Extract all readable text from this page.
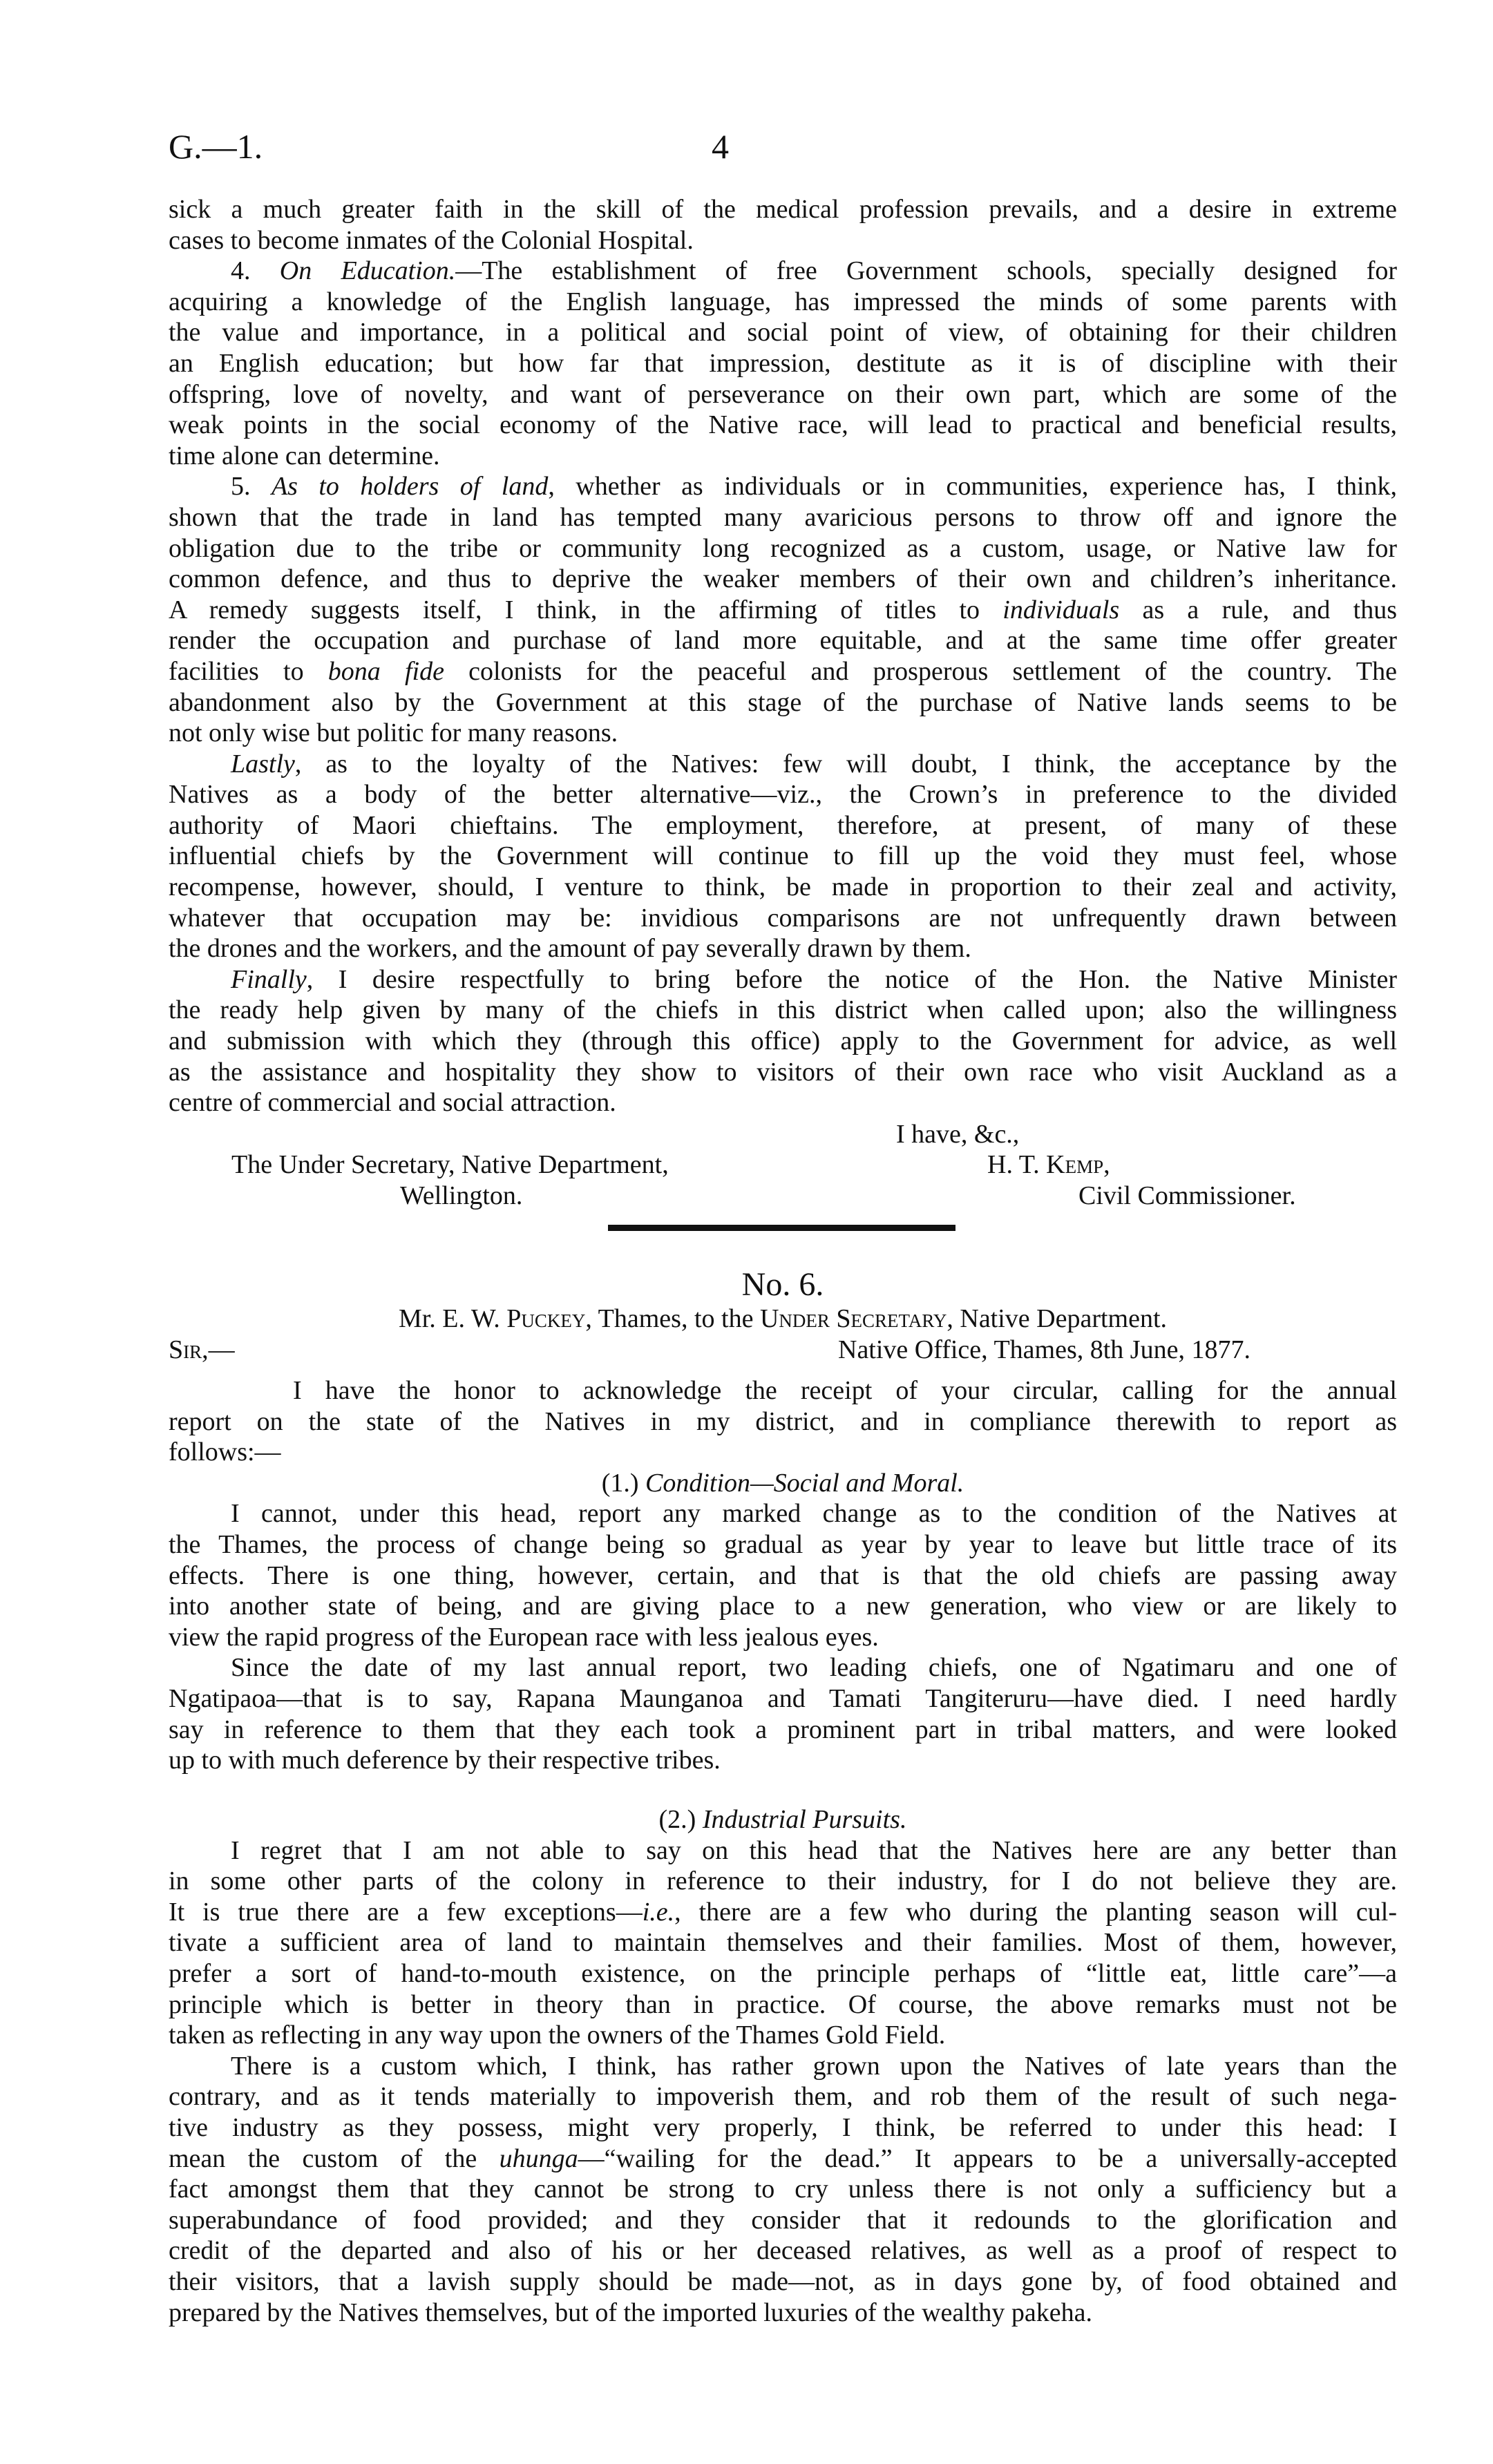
G.—1.	4
sick a much greater faith in the skill of the medical profession prevails, and a desire in extreme
cases to become inmates of the Colonial Hospital.
4. On Education.—The establishment of free Government schools, specially designed for
acquiring a knowledge of the English language, has impressed the minds of some parents with
the value and importance, in a political and social point of view, of obtaining for their children
an English education; but how far that impression, destitute as it is of discipline with their
offspring, love of novelty, and want of perseverance on their own part, which are some of the
weak points in the social economy of the Native race, will lead to practical and beneficial results,
time alone can determine.
5. As to holders of land, whether as individuals or in communities, experience has, I think,
shown that the trade in land has tempted many avaricious persons to throw off and ignore the
obligation due to the tribe or community long recognized as a custom, usage, or Native law for
common defence, and thus to deprive the weaker members of their own and children’s inheritance.
A remedy suggests itself, I think, in the affirming of titles to individuals as a rule, and thus
render the occupation and purchase of land more equitable, and at the same time offer greater
facilities to bona fide colonists for the peaceful and prosperous settlement of the country. The
abandonment also by the Government at this stage of the purchase of Native lands seems to be
not only wise but politic for many reasons.
Lastly, as to the loyalty of the Natives: few will doubt, I think, the acceptance by the
Natives as a body of the better alternative—viz., the Crown’s in preference to the divided
authority of Maori chieftains. The employment, therefore, at present, of many of these
influential chiefs by the Government will continue to fill up the void they must feel, whose
recompense, however, should, I venture to think, be made in proportion to their zeal and activity,
whatever that occupation may be: invidious comparisons are not unfrequently drawn between
the drones and the workers, and the amount of pay severally drawn by them.
Finally, I desire respectfully to bring before the notice of the Hon. the Native Minister
the ready help given by many of the chiefs in this district when called upon; also the willingness
and submission with which they (through this office) apply to the Government for advice, as well
as the assistance and hospitality they show to visitors of their own race who visit Auckland as a
centre of commercial and social attraction.
I have, &c.,
The Under Secretary, Native Department,	H. T. Kemp,
Wellington.	Civil Commissioner.
No. 6.
Mr. E. W. Puckey, Thames, to the Under Secretary, Native Department.
Sir,—	Native Office, Thames, 8th June, 1877.
I have the honor to acknowledge the receipt of your circular, calling for the annual
report on the state of the Natives in my district, and in compliance therewith to report as
follows:—
(1.) Condition—Social and Moral.
I cannot, under this head, report any marked change as to the condition of the Natives at
the Thames, the process of change being so gradual as year by year to leave but little trace of its
effects. There is one thing, however, certain, and that is that the old chiefs are passing away
into another state of being, and are giving place to a new generation, who view or are likely to
view the rapid progress of the European race with less jealous eyes.
Since the date of my last annual report, two leading chiefs, one of Ngatimaru and one of
Ngatipaoa—that is to say, Rapana Maunganoa and Tamati Tangiteruru—have died. I need hardly
say in reference to them that they each took a prominent part in tribal matters, and were looked
up to with much deference by their respective tribes.
(2.) Industrial Pursuits.
I regret that I am not able to say on this head that the Natives here are any better than
in some other parts of the colony in reference to their industry, for I do not believe they are.
It is true there are a few exceptions—i.e., there are a few who during the planting season will cul-
tivate a sufficient area of land to maintain themselves and their families. Most of them, however,
prefer a sort of hand-to-mouth existence, on the principle perhaps of “little eat, little care”—a
principle which is better in theory than in practice. Of course, the above remarks must not be
taken as reflecting in any way upon the owners of the Thames Gold Field.
There is a custom which, I think, has rather grown upon the Natives of late years than the
contrary, and as it tends materially to impoverish them, and rob them of the result of such nega-
tive industry as they possess, might very properly, I think, be referred to under this head: I
mean the custom of the uhunga—“wailing for the dead.” It appears to be a universally-accepted
fact amongst them that they cannot be strong to cry unless there is not only a sufficiency but a
superabundance of food provided; and they consider that it redounds to the glorification and
credit of the departed and also of his or her deceased relatives, as well as a proof of respect to
their visitors, that a lavish supply should be made—not, as in days gone by, of food obtained and
prepared by the Natives themselves, but of the imported luxuries of the wealthy pakeha.
